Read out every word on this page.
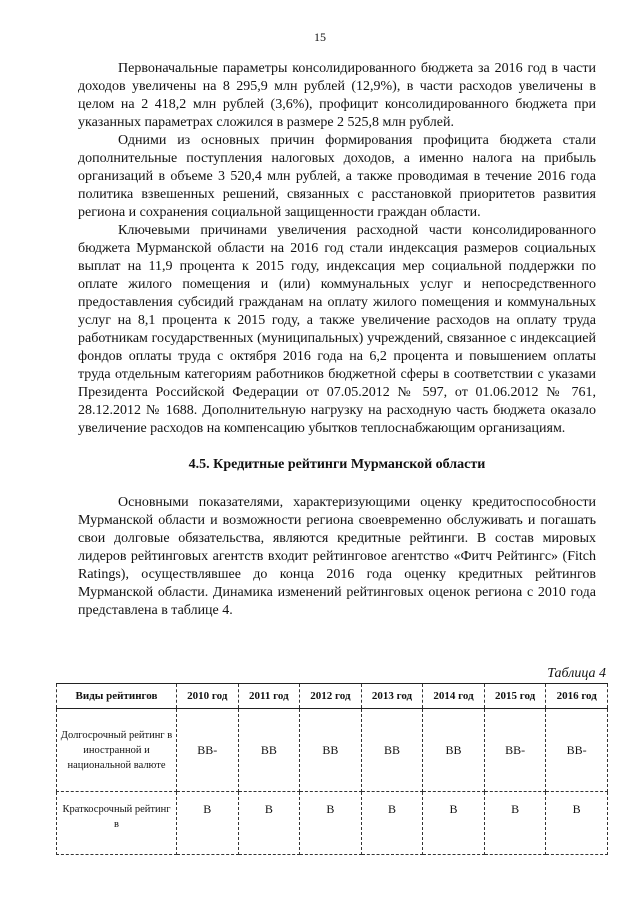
15

Первоначальные параметры консолидированного бюджета за 2016 год в части доходов увеличены на 8 295,9 млн рублей (12,9%), в части расходов увеличены в целом на 2 418,2 млн рублей (3,6%), профицит консолидированного бюджета при указанных параметрах сложился в размере 2 525,8 млн рублей.

Одними из основных причин формирования профицита бюджета стали дополнительные поступления налоговых доходов, а именно налога на прибыль организаций в объеме 3 520,4 млн рублей, а также проводимая в течение 2016 года политика взвешенных решений, связанных с расстановкой приоритетов развития региона и сохранения социальной защищенности граждан области.

Ключевыми причинами увеличения расходной части консолидированного бюджета Мурманской области на 2016 год стали индексация размеров социальных выплат на 11,9 процента к 2015 году, индексация мер социальной поддержки по оплате жилого помещения и (или) коммунальных услуг и непосредственного предоставления субсидий гражданам на оплату жилого помещения и коммунальных услуг на 8,1 процента к 2015 году, а также увеличение расходов на оплату труда работникам государственных (муниципальных) учреждений, связанное с индексацией фондов оплаты труда с октября 2016 года на 6,2 процента и повышением оплаты труда отдельным категориям работников бюджетной сферы в соответствии с указами Президента Российской Федерации от 07.05.2012 № 597, от 01.06.2012 № 761, 28.12.2012 № 1688. Дополнительную нагрузку на расходную часть бюджета оказало увеличение расходов на компенсацию убытков теплоснабжающим организациям.

4.5. Кредитные рейтинги Мурманской области

Основными показателями, характеризующими оценку кредитоспособности Мурманской области и возможности региона своевременно обслуживать и погашать свои долговые обязательства, являются кредитные рейтинги. В состав мировых лидеров рейтинговых агентств входит рейтинговое агентство «Фитч Рейтингс» (Fitch Ratings), осуществлявшее до конца 2016 года оценку кредитных рейтингов Мурманской области. Динамика изменений рейтинговых оценок региона с 2010 года представлена в таблице 4.

Таблица 4
Виды рейтингов	2010 год	2011 год	2012 год	2013 год	2014 год	2015 год	2016 год
Долгосрочный рейтинг в иностранной и национальной валюте	BB-	BB	BB	BB	BB	BB-	BB-
Краткосрочный рейтинг в	B	B	B	B	B	B	B
